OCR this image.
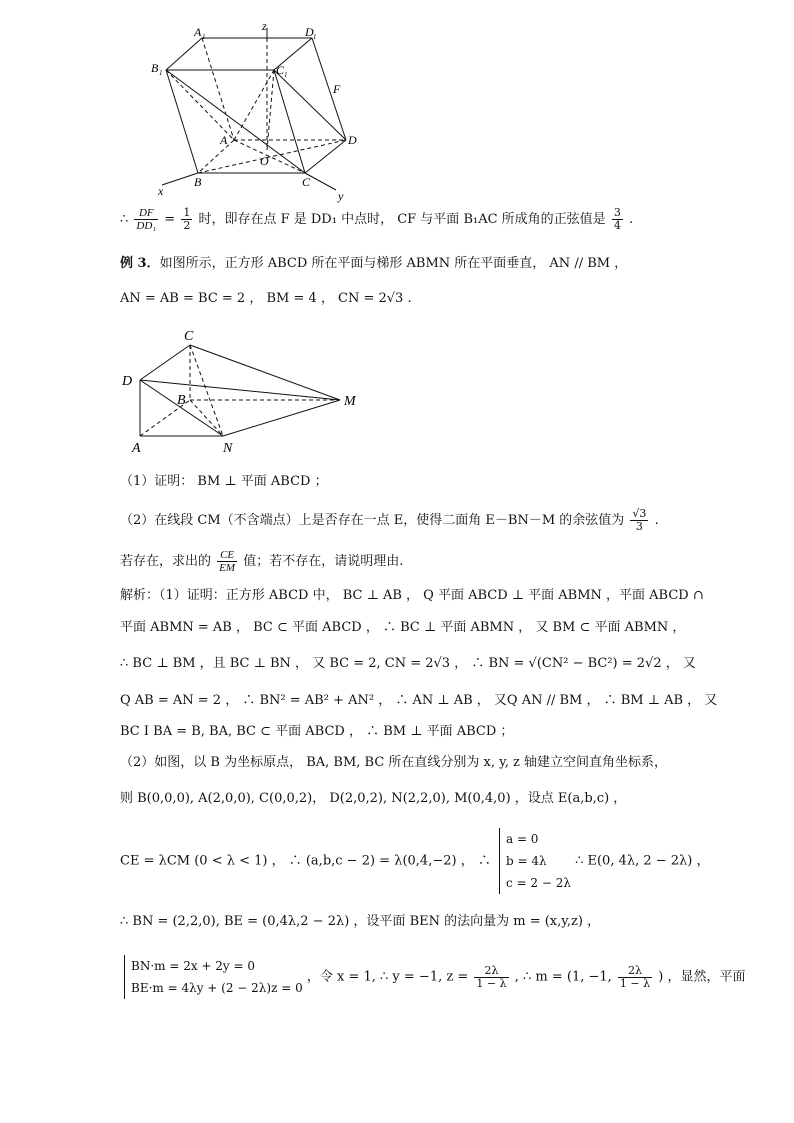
A 1
B 1	C 1
D 1
z
F
A	D
O
B	C
x	y
∴ $\frac{DF}{\text{DD₁}} = \frac{1}{2}$ 时，即存在点 F 是 DD₁ 中点时， CF 与平面 B₁AC 所成角的正弦值是 $\frac{3}{4}$ .
例 3．如图所示，正方形 ABCD 所在平面与梯形 ABMN 所在平面垂直， AN // BM ，
AN = AB = BC = 2 ， BM = 4 ， CN = 2√3 .
C
D
B	M
A	N
（1）证明： BM ⊥ 平面 ABCD ；
（2）在线段 CM（不含端点）上是否存在一点 E，使得二面角 E－BN－M 的余弦值为 $\frac{√3}{3}$ .
若存在，求出的 $\frac{CE}{EM}$ 值；若不存在，请说明理由.
解析：（1）证明：正方形 ABCD 中， BC ⊥ AB ， Q 平面 ABCD ⊥ 平面 ABMN ，平面 ABCD ∩
平面 ABMN = AB ， BC ⊂ 平面 ABCD ， ∴ BC ⊥ 平面 ABMN ， 又 BM ⊂ 平面 ABMN ，
∴ BC ⊥ BM ，且 BC ⊥ BN ， 又 BC = 2, CN = 2√3 ， ∴ BN = √(CN² − BC²) = 2√2 ， 又
Q AB = AN = 2 ， ∴ BN² = AB² + AN² ， ∴ AN ⊥ AB ， 又Q AN // BM ， ∴ BM ⊥ AB ， 又
BC I BA = B, BA, BC ⊂ 平面 ABCD ， ∴ BM ⊥ 平面 ABCD ；
（2）如图，以 B 为坐标原点， BA, BM, BC 所在直线分别为 x, y, z 轴建立空间直角坐标系，
则 B(0,0,0), A(2,0,0), C(0,0,2)， D(2,0,2), N(2,2,0), M(0,4,0) ，设点 E(a,b,c) ，
CE = λCM (0 < λ < 1) ， ∴ (a,b,c − 2) = λ(0,4,−2) ， ∴
a = 0
b = 4λ
c = 2 − 2λ
∴ E(0, 4λ, 2 − 2λ) ，
∴ BN = (2,2,0), BE = (0,4λ,2 − 2λ) ，设平面 BEN 的法向量为 m = (x,y,z) ，
BN·m = 2x + 2y = 0
BE·m = 4λy + (2 − 2λ)z = 0
，令 x = 1, ∴ y = −1, $z = \frac{2\lambda}{1 - \lambda}$ , ∴ m = (1, −1, $\frac{2\lambda}{1 - \lambda}$ ) ，显然，平面
